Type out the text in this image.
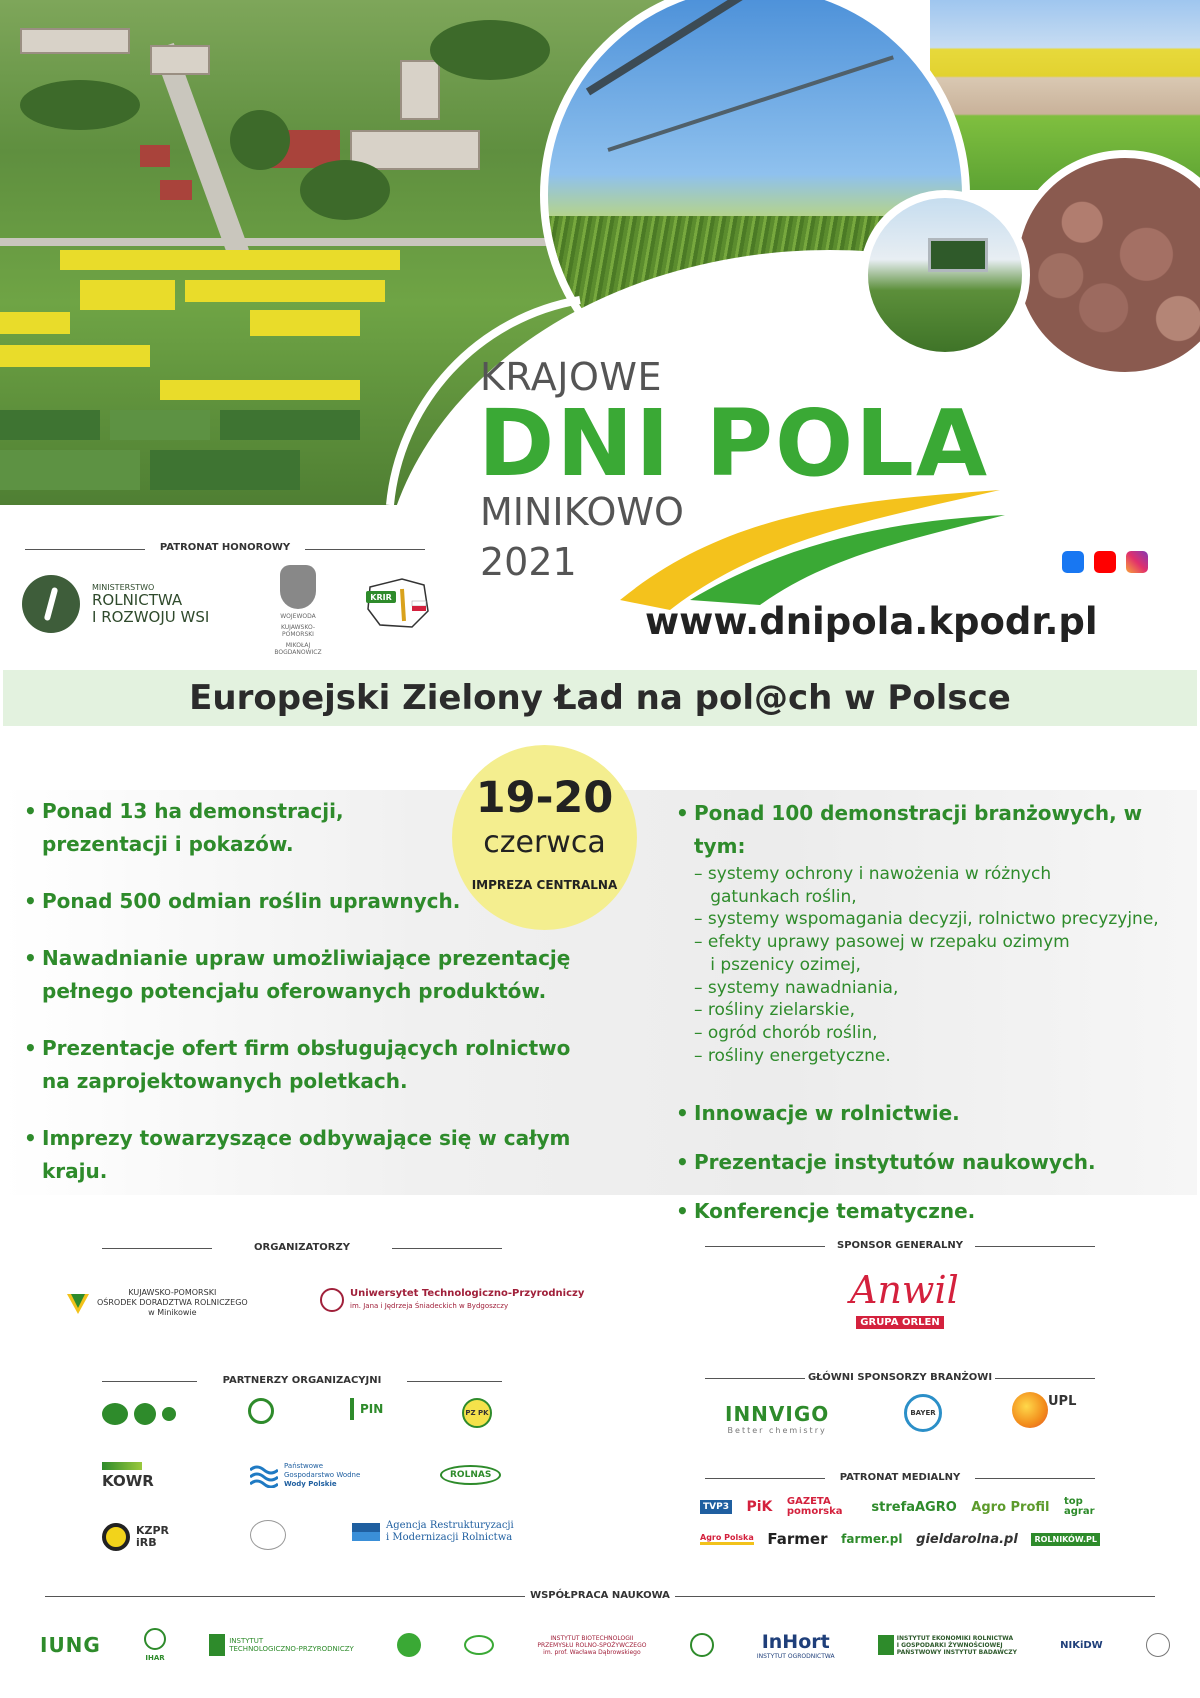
KRAJOWE
DNI POLA
MINIKOWO
2021
www.dnipola.kpodr.pl
PATRONAT HONOROWY
MINISTERSTWO
ROLNICTWA
I ROZWOJU WSI	WOJEWODA
KUJAWSKO-POMORSKI
MIKOŁAJ BOGDANOWICZ
KRIR
Europejski Zielony Ład na pol@ch w Polsce
• Ponad 13 ha demonstracji,
prezentacji i pokazów.
• Ponad 500 odmian roślin uprawnych.
• Nawadnianie upraw umożliwiające prezentację
pełnego potencjału oferowanych produktów.
• Prezentacje ofert firm obsługujących rolnictwo
na zaprojektowanych poletkach.
• Imprezy towarzyszące odbywające się w całym kraju.
19-20
czerwca
IMPREZA CENTRALNA
• Ponad 100 demonstracji branżowych, w tym:
– systemy ochrony i nawożenia w różnych
gatunkach roślin,
– systemy wspomagania decyzji, rolnictwo precyzyjne,
– efekty uprawy pasowej w rzepaku ozimym
i pszenicy ozimej,
– systemy nawadniania,
– rośliny zielarskie,
– ogród chorób roślin,
– rośliny energetyczne.
• Innowacje w rolnictwie.
• Prezentacje instytutów naukowych.
• Konferencje tematyczne.
ORGANIZATORZY
KUJAWSKO-POMORSKI
OŚRODEK DORADZTWA ROLNICZEGO
w Minikowie
Uniwersytet Technologiczno-Przyrodniczy
im. Jana i Jędrzeja Śniadeckich w Bydgoszczy
SPONSOR GENERALNY
Anwil
GRUPA ORLEN
PARTNERZY ORGANIZACYJNI
PIN	PZ PK
KOWR
Państwowe
Gospodarstwo Wodne
Wody Polskie
ROLNAS
KZPR
iRB
Agencja Restrukturyzacji
i Modernizacji Rolnictwa
GŁÓWNI SPONSORZY BRANŻOWI
INNVIGO
Better chemistry
BAYER
UPL
PATRONAT MEDIALNY
TVP3 PiK GAZETA pomorska	strefaAGRO Agro Profil top agrar
Agro Polska Farmer farmer.pl gieldarolna.pl	ROLNIKÓW.PL
WSPÓŁPRACA NAUKOWA
IUNG
IHAR
INSTYTUT
TECHNOLOGICZNO-PRZYRODNICZY
INSTYTUT BIOTECHNOLOGII
PRZEMYSŁU ROLNO-SPOŻYWCZEGO
im. prof. Wacława Dąbrowskiego	InHort
INSTYTUT OGRODNICTWA
INSTYTUT EKONOMIKI ROLNICTWA
I GOSPODARKI ŻYWNOŚCIOWEJ
PAŃSTWOWY INSTYTUT BADAWCZY
NIKiDW
